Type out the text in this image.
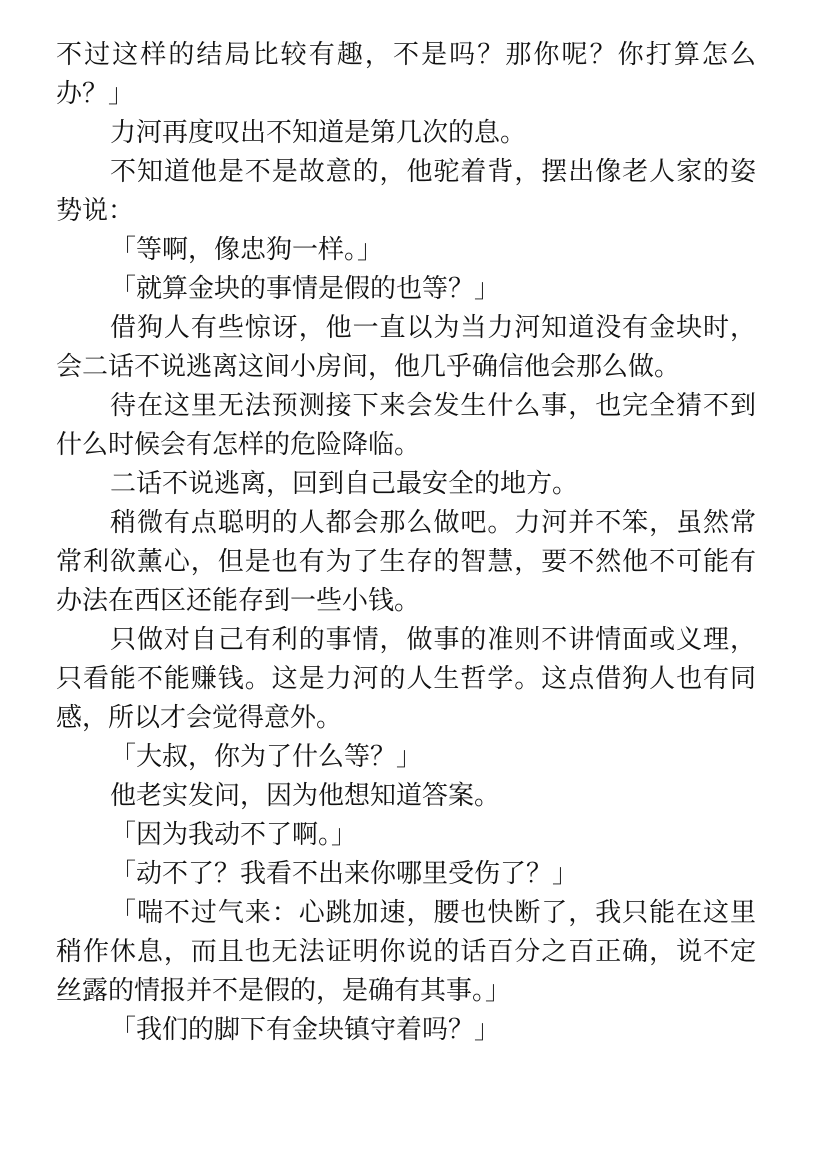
不过这样的结局比较有趣，不是吗？那你呢？你打算怎么办？」

力河再度叹出不知道是第几次的息。

不知道他是不是故意的，他驼着背，摆出像老人家的姿势说：

「等啊，像忠狗一样。」

「就算金块的事情是假的也等？」

借狗人有些惊讶，他一直以为当力河知道没有金块时，会二话不说逃离这间小房间，他几乎确信他会那么做。

待在这里无法预测接下来会发生什么事，也完全猜不到什么时候会有怎样的危险降临。

二话不说逃离，回到自己最安全的地方。

稍微有点聪明的人都会那么做吧。力河并不笨，虽然常常利欲薰心，但是也有为了生存的智慧，要不然他不可能有办法在西区还能存到一些小钱。

只做对自己有利的事情，做事的准则不讲情面或义理，只看能不能赚钱。这是力河的人生哲学。这点借狗人也有同感，所以才会觉得意外。

「大叔，你为了什么等？」

他老实发问，因为他想知道答案。

「因为我动不了啊。」

「动不了？我看不出来你哪里受伤了？」

「喘不过气来：心跳加速，腰也快断了，我只能在这里稍作休息，而且也无法证明你说的话百分之百正确，说不定丝露的情报并不是假的，是确有其事。」

「我们的脚下有金块镇守着吗？」
